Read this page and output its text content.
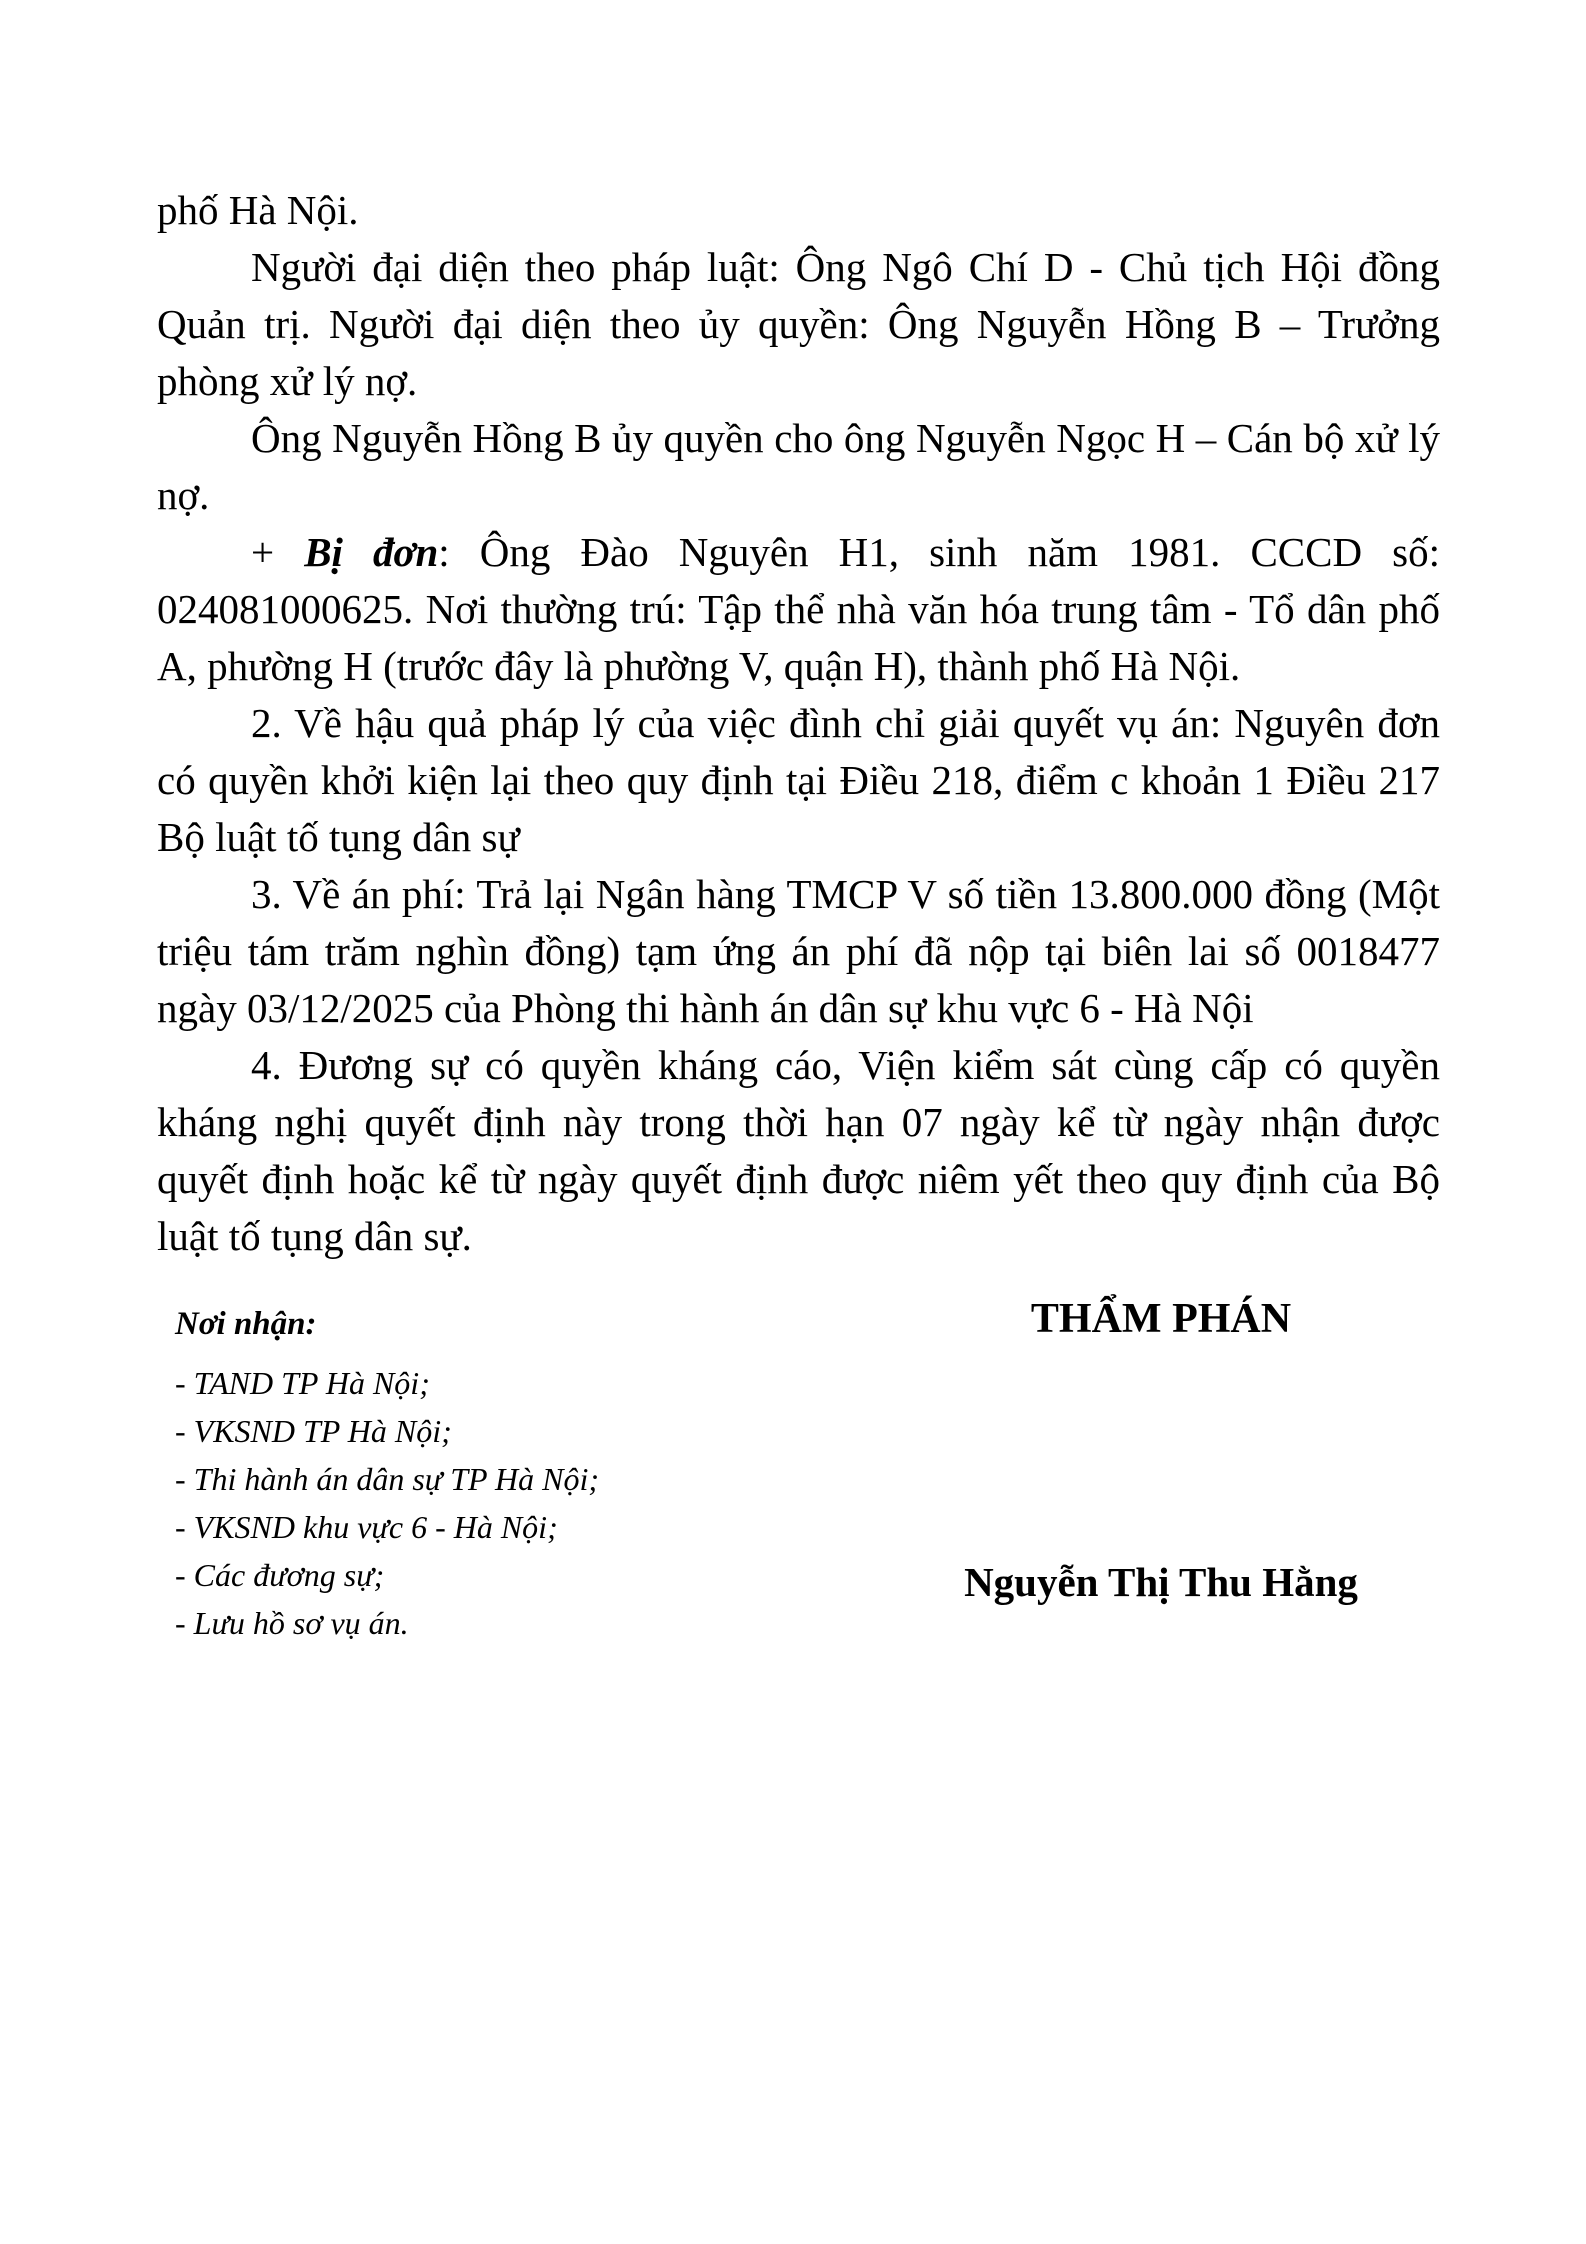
phố Hà Nội.

Người đại diện theo pháp luật: Ông Ngô Chí D - Chủ tịch Hội đồng Quản trị. Người đại diện theo ủy quyền: Ông Nguyễn Hồng B – Trưởng phòng xử lý nợ.

Ông Nguyễn Hồng B ủy quyền cho ông Nguyễn Ngọc H – Cán bộ xử lý nợ.

+ Bị đơn: Ông Đào Nguyên H1, sinh năm 1981. CCCD số: 024081000625. Nơi thường trú: Tập thể nhà văn hóa trung tâm - Tổ dân phố A, phường H (trước đây là phường V, quận H), thành phố Hà Nội.

2. Về hậu quả pháp lý của việc đình chỉ giải quyết vụ án: Nguyên đơn có quyền khởi kiện lại theo quy định tại Điều 218, điểm c khoản 1 Điều 217 Bộ luật tố tụng dân sự

3. Về án phí: Trả lại Ngân hàng TMCP V số tiền 13.800.000 đồng (Một triệu tám trăm nghìn đồng) tạm ứng án phí đã nộp tại biên lai số 0018477 ngày 03/12/2025 của Phòng thi hành án dân sự khu vực 6 - Hà Nội

4. Đương sự có quyền kháng cáo, Viện kiểm sát cùng cấp có quyền kháng nghị quyết định này trong thời hạn 07 ngày kể từ ngày nhận được quyết định hoặc kể từ ngày quyết định được niêm yết theo quy định của Bộ luật tố tụng dân sự.

Nơi nhận:

- TAND TP Hà Nội;
- VKSND TP Hà Nội;
- Thi hành án dân sự TP Hà Nội;
- VKSND khu vực 6 - Hà Nội;
- Các đương sự;
- Lưu hồ sơ vụ án.

THẨM PHÁN

Nguyễn Thị Thu Hằng
